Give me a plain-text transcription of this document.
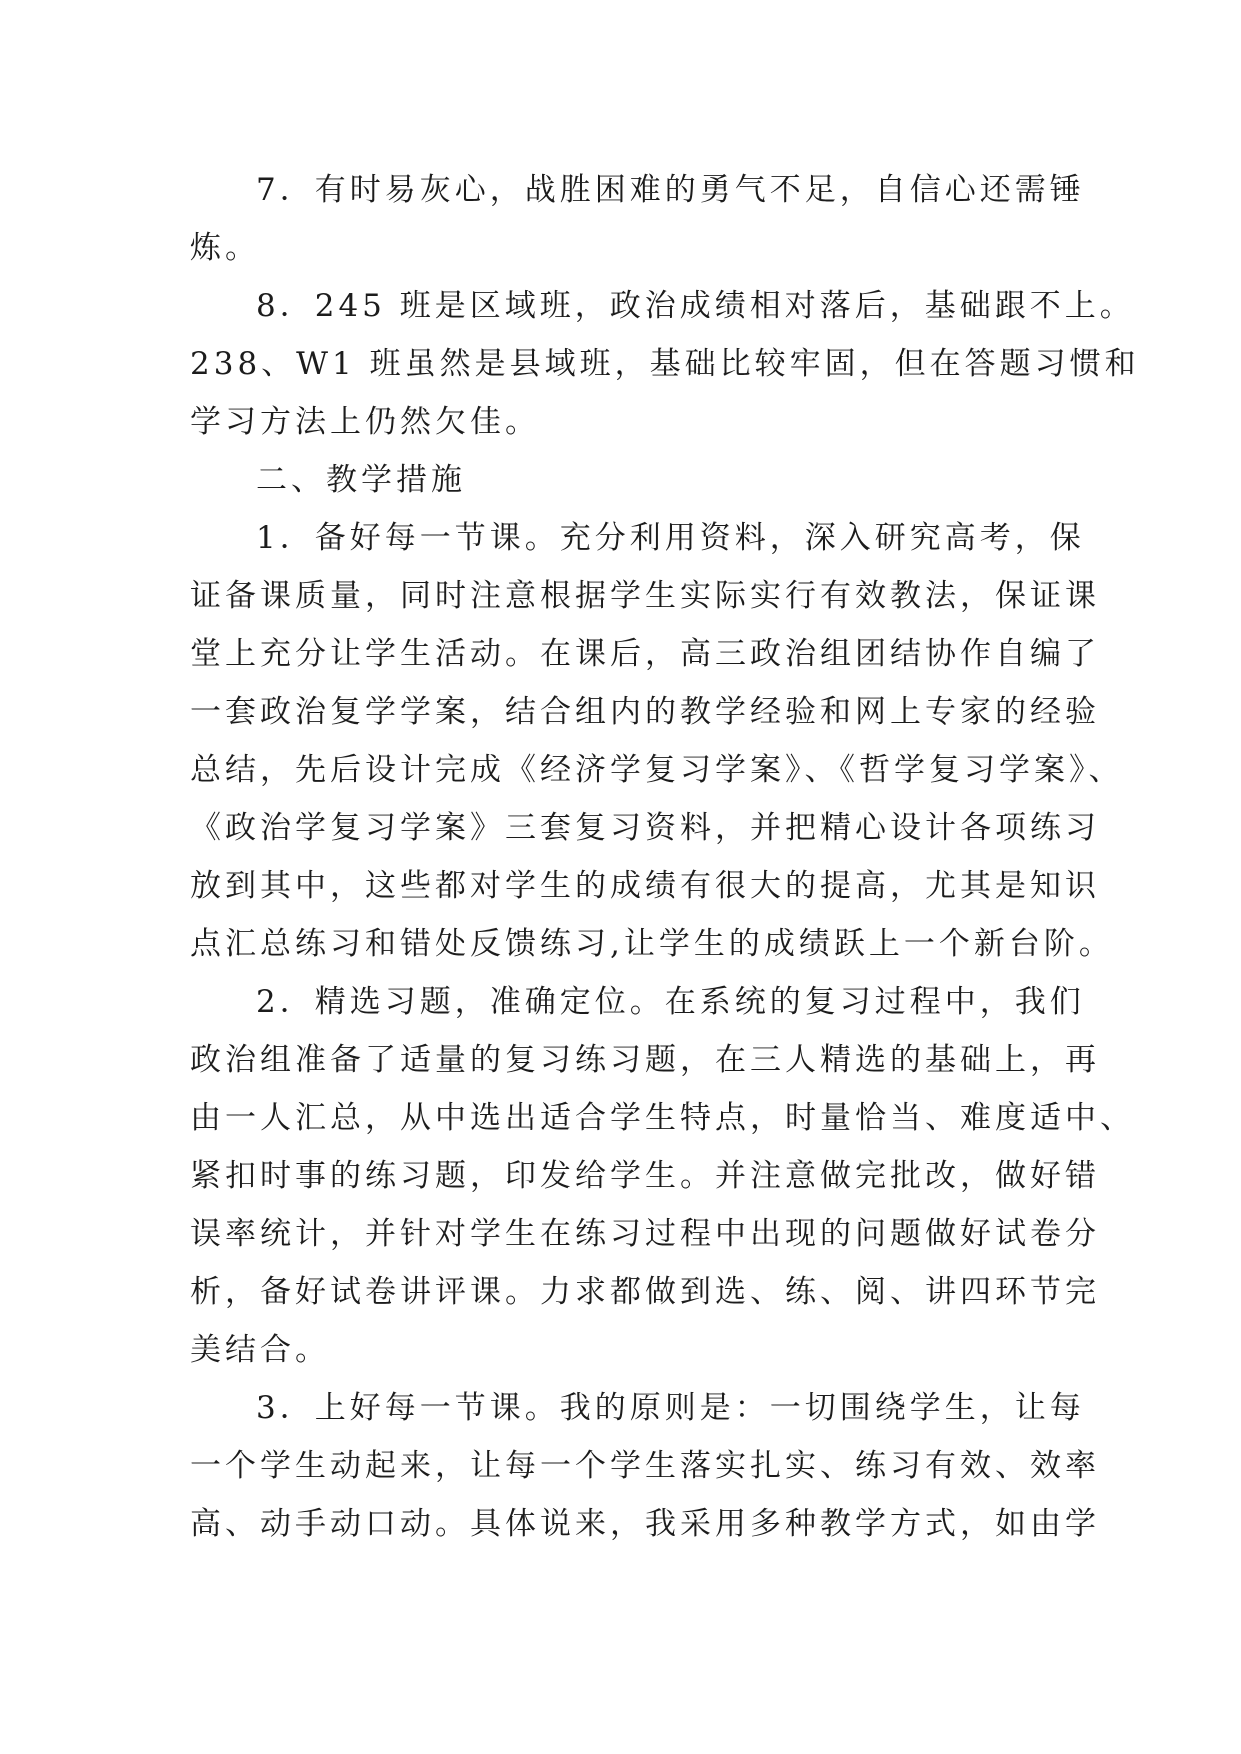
7．有时易灰心，战胜困难的勇气不足，自信心还需锤
炼。
8．245 班是区域班，政治成绩相对落后，基础跟不上。
238、W1 班虽然是县域班，基础比较牢固，但在答题习惯和
学习方法上仍然欠佳。
二、教学措施
1．备好每一节课。充分利用资料，深入研究高考，保
证备课质量，同时注意根据学生实际实行有效教法，保证课
堂上充分让学生活动。在课后，高三政治组团结协作自编了
一套政治复学学案，结合组内的教学经验和网上专家的经验
总结，先后设计完成《经济学复习学案》、《哲学复习学案》、
《政治学复习学案》三套复习资料，并把精心设计各项练习
放到其中，这些都对学生的成绩有很大的提高，尤其是知识
点汇总练习和错处反馈练习,让学生的成绩跃上一个新台阶。
2．精选习题，准确定位。在系统的复习过程中，我们
政治组准备了适量的复习练习题，在三人精选的基础上，再
由一人汇总，从中选出适合学生特点，时量恰当、难度适中、
紧扣时事的练习题，印发给学生。并注意做完批改，做好错
误率统计，并针对学生在练习过程中出现的问题做好试卷分
析，备好试卷讲评课。力求都做到选、练、阅、讲四环节完
美结合。
3．上好每一节课。我的原则是：一切围绕学生，让每
一个学生动起来，让每一个学生落实扎实、练习有效、效率
高、动手动口动。具体说来，我采用多种教学方式，如由学
